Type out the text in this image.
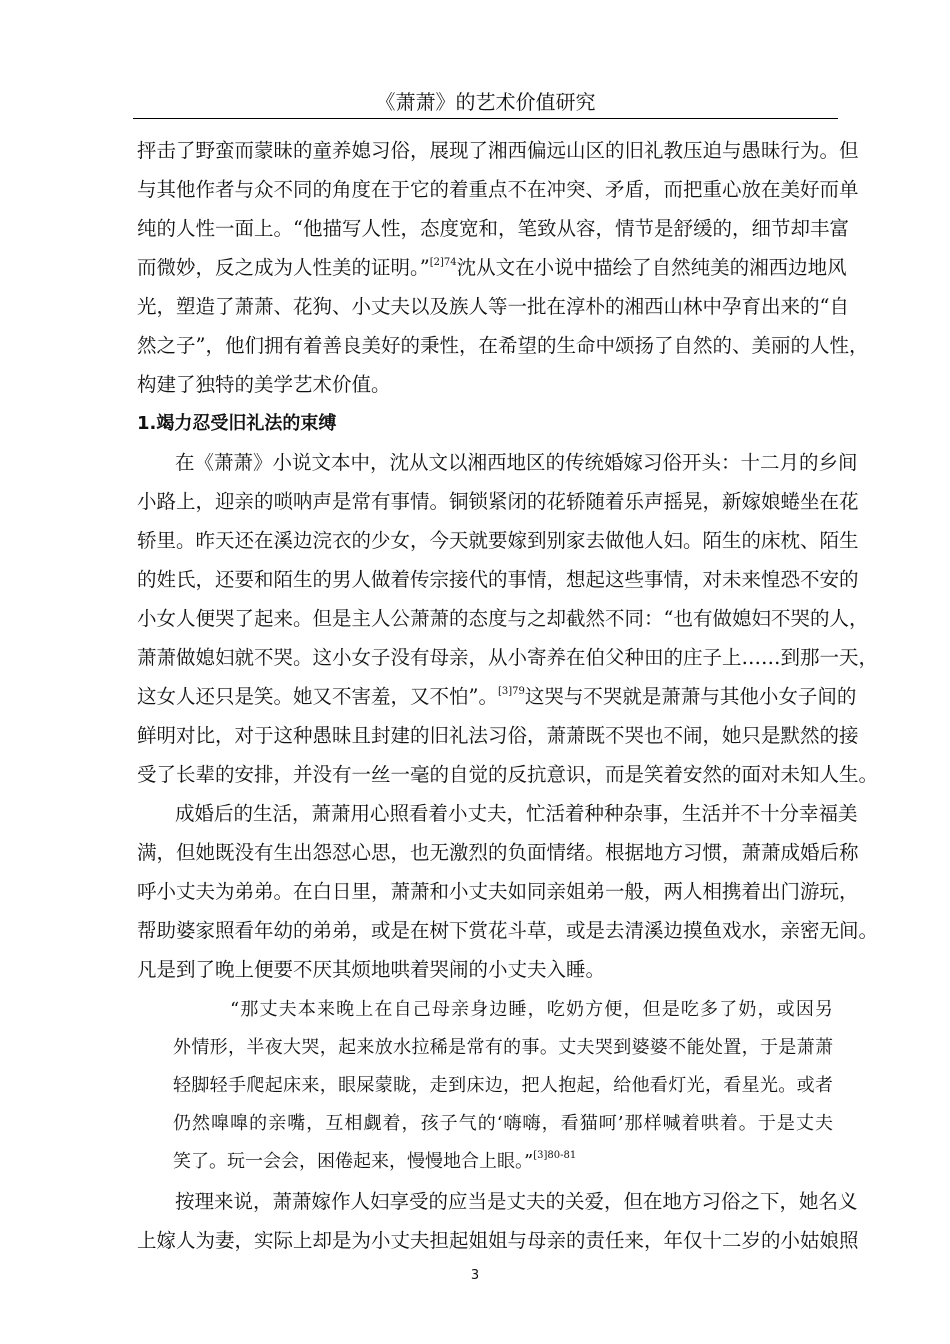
《萧萧》的艺术价值研究
抨击了野蛮而蒙昧的童养媳习俗，展现了湘西偏远山区的旧礼教压迫与愚昧行为。但
与其他作者与众不同的角度在于它的着重点不在冲突、矛盾，而把重心放在美好而单
纯的人性一面上。“他描写人性，态度宽和，笔致从容，情节是舒缓的，细节却丰富
而微妙，反之成为人性美的证明。”$^{[2]74}$沈从文在小说中描绘了自然纯美的湘西边地风
光，塑造了萧萧、花狗、小丈夫以及族人等一批在淳朴的湘西山林中孕育出来的“自
然之子”，他们拥有着善良美好的秉性，在希望的生命中颂扬了自然的、美丽的人性，
构建了独特的美学艺术价值。
1.竭力忍受旧礼法的束缚
在《萧萧》小说文本中，沈从文以湘西地区的传统婚嫁习俗开头：十二月的乡间
小路上，迎亲的唢呐声是常有事情。铜锁紧闭的花轿随着乐声摇晃，新嫁娘蜷坐在花
轿里。昨天还在溪边浣衣的少女，今天就要嫁到别家去做他人妇。陌生的床枕、陌生
的姓氏，还要和陌生的男人做着传宗接代的事情，想起这些事情，对未来惶恐不安的
小女人便哭了起来。但是主人公萧萧的态度与之却截然不同：“也有做媳妇不哭的人，
萧萧做媳妇就不哭。这小女子没有母亲，从小寄养在伯父种田的庄子上……到那一天，
这女人还只是笑。她又不害羞，又不怕”。$^{[3]79}$这哭与不哭就是萧萧与其他小女子间的
鲜明对比，对于这种愚昧且封建的旧礼法习俗，萧萧既不哭也不闹，她只是默然的接
受了长辈的安排，并没有一丝一毫的自觉的反抗意识，而是笑着安然的面对未知人生。
成婚后的生活，萧萧用心照看着小丈夫，忙活着种种杂事，生活并不十分幸福美
满，但她既没有生出怨怼心思，也无激烈的负面情绪。根据地方习惯，萧萧成婚后称
呼小丈夫为弟弟。在白日里，萧萧和小丈夫如同亲姐弟一般，两人相携着出门游玩，
帮助婆家照看年幼的弟弟，或是在树下赏花斗草，或是去清溪边摸鱼戏水，亲密无间。
凡是到了晚上便要不厌其烦地哄着哭闹的小丈夫入睡。
“那丈夫本来晚上在自己母亲身边睡，吃奶方便，但是吃多了奶，或因另
外情形，半夜大哭，起来放水拉稀是常有的事。丈夫哭到婆婆不能处置，于是萧萧
轻脚轻手爬起床来，眼屎蒙眬，走到床边，把人抱起，给他看灯光，看星光。或者
仍然嘷嘷的亲嘴，互相觑着，孩子气的‘嗨嗨，看猫呵’那样喊着哄着。于是丈夫
笑了。玩一会会，困倦起来，慢慢地合上眼。”$^{[3]80-81}$
按理来说，萧萧嫁作人妇享受的应当是丈夫的关爱，但在地方习俗之下，她名义
上嫁人为妻，实际上却是为小丈夫担起姐姐与母亲的责任来，年仅十二岁的小姑娘照
3
